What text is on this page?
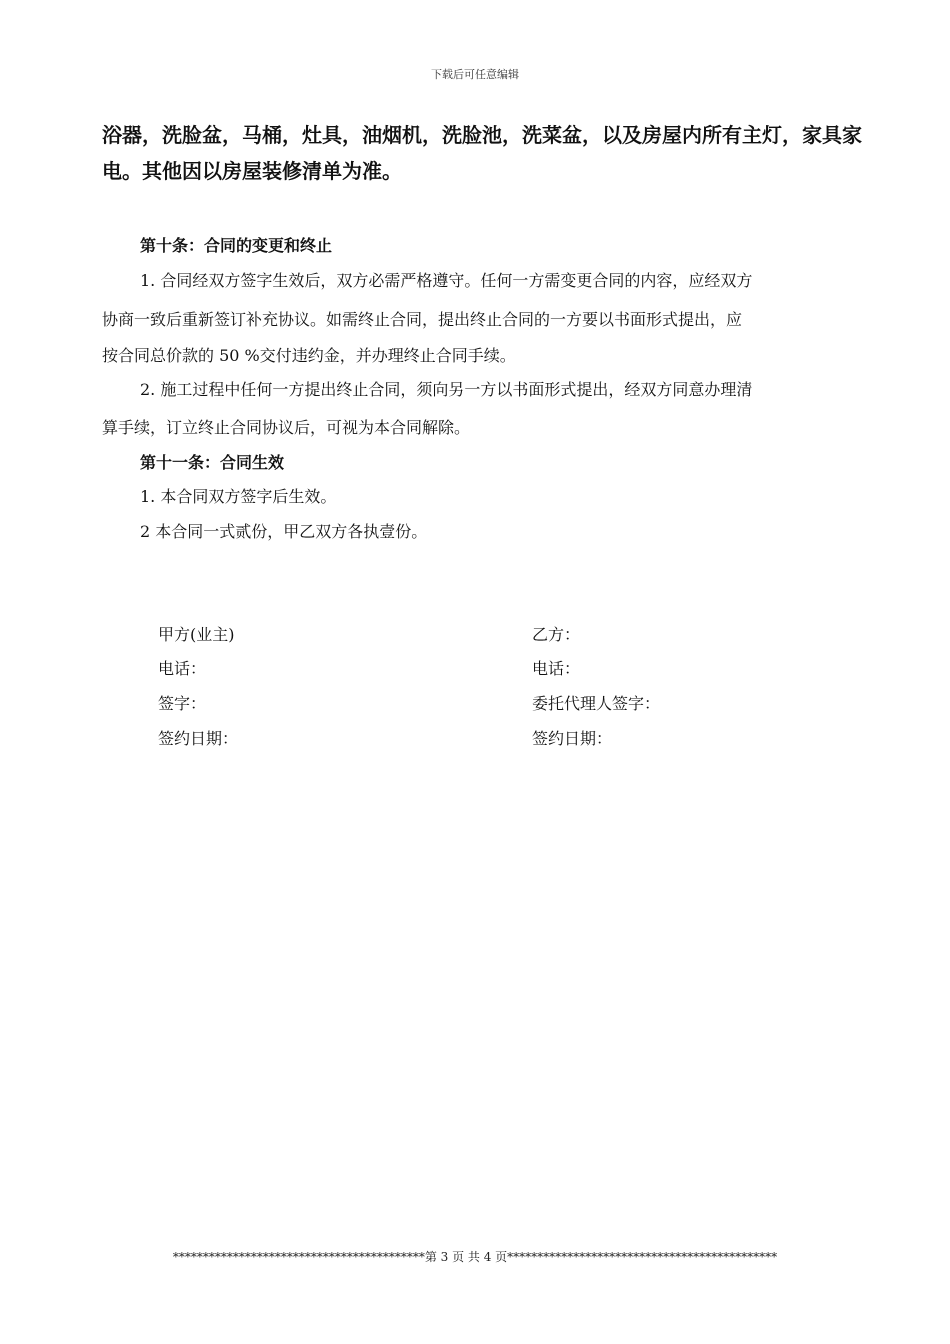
下载后可任意编辑
浴器，洗脸盆，马桶，灶具，油烟机，洗脸池，洗菜盆，以及房屋内所有主灯，家具家电。其他因以房屋装修清单为准。
第十条：合同的变更和终止
1. 合同经双方签字生效后，双方必需严格遵守。任何一方需变更合同的内容，应经双方
协商一致后重新签订补充协议。如需终止合同，提出终止合同的一方要以书面形式提出，应
按合同总价款的 50 %交付违约金，并办理终止合同手续。
2. 施工过程中任何一方提出终止合同，须向另一方以书面形式提出，经双方同意办理清
算手续，订立终止合同协议后，可视为本合同解除。
第十一条：合同生效
1. 本合同双方签字后生效。
2 本合同一式贰份，甲乙双方各执壹份。
甲方(业主)
电话：
签字：
签约日期：
乙方：
电话：
委托代理人签字：
签约日期：
******************************************第 3 页 共 4 页*********************************************
